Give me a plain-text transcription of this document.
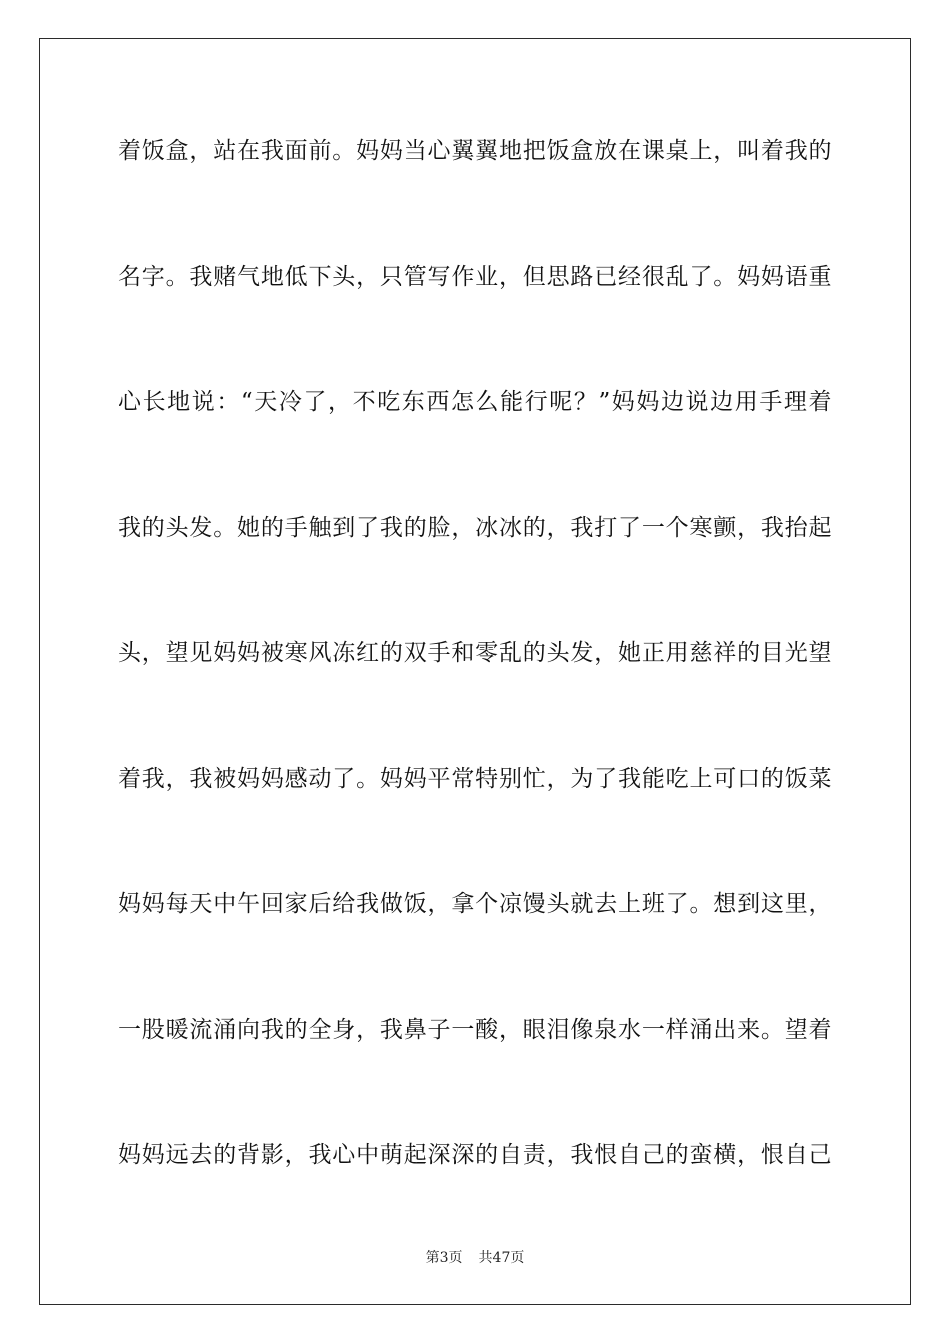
着饭盒，站在我面前。妈妈当心翼翼地把饭盒放在课桌上，叫着我的
名字。我赌气地低下头，只管写作业，但思路已经很乱了。妈妈语重
心长地说：“天冷了，不吃东西怎么能行呢？”妈妈边说边用手理着
我的头发。她的手触到了我的脸，冰冰的，我打了一个寒颤，我抬起
头，望见妈妈被寒风冻红的双手和零乱的头发，她正用慈祥的目光望
着我，我被妈妈感动了。妈妈平常特别忙，为了我能吃上可口的饭菜
妈妈每天中午回家后给我做饭，拿个凉馒头就去上班了。想到这里，
一股暖流涌向我的全身，我鼻子一酸，眼泪像泉水一样涌出来。望着
妈妈远去的背影，我心中萌起深深的自责，我恨自己的蛮横，恨自己
第3页 共47页
